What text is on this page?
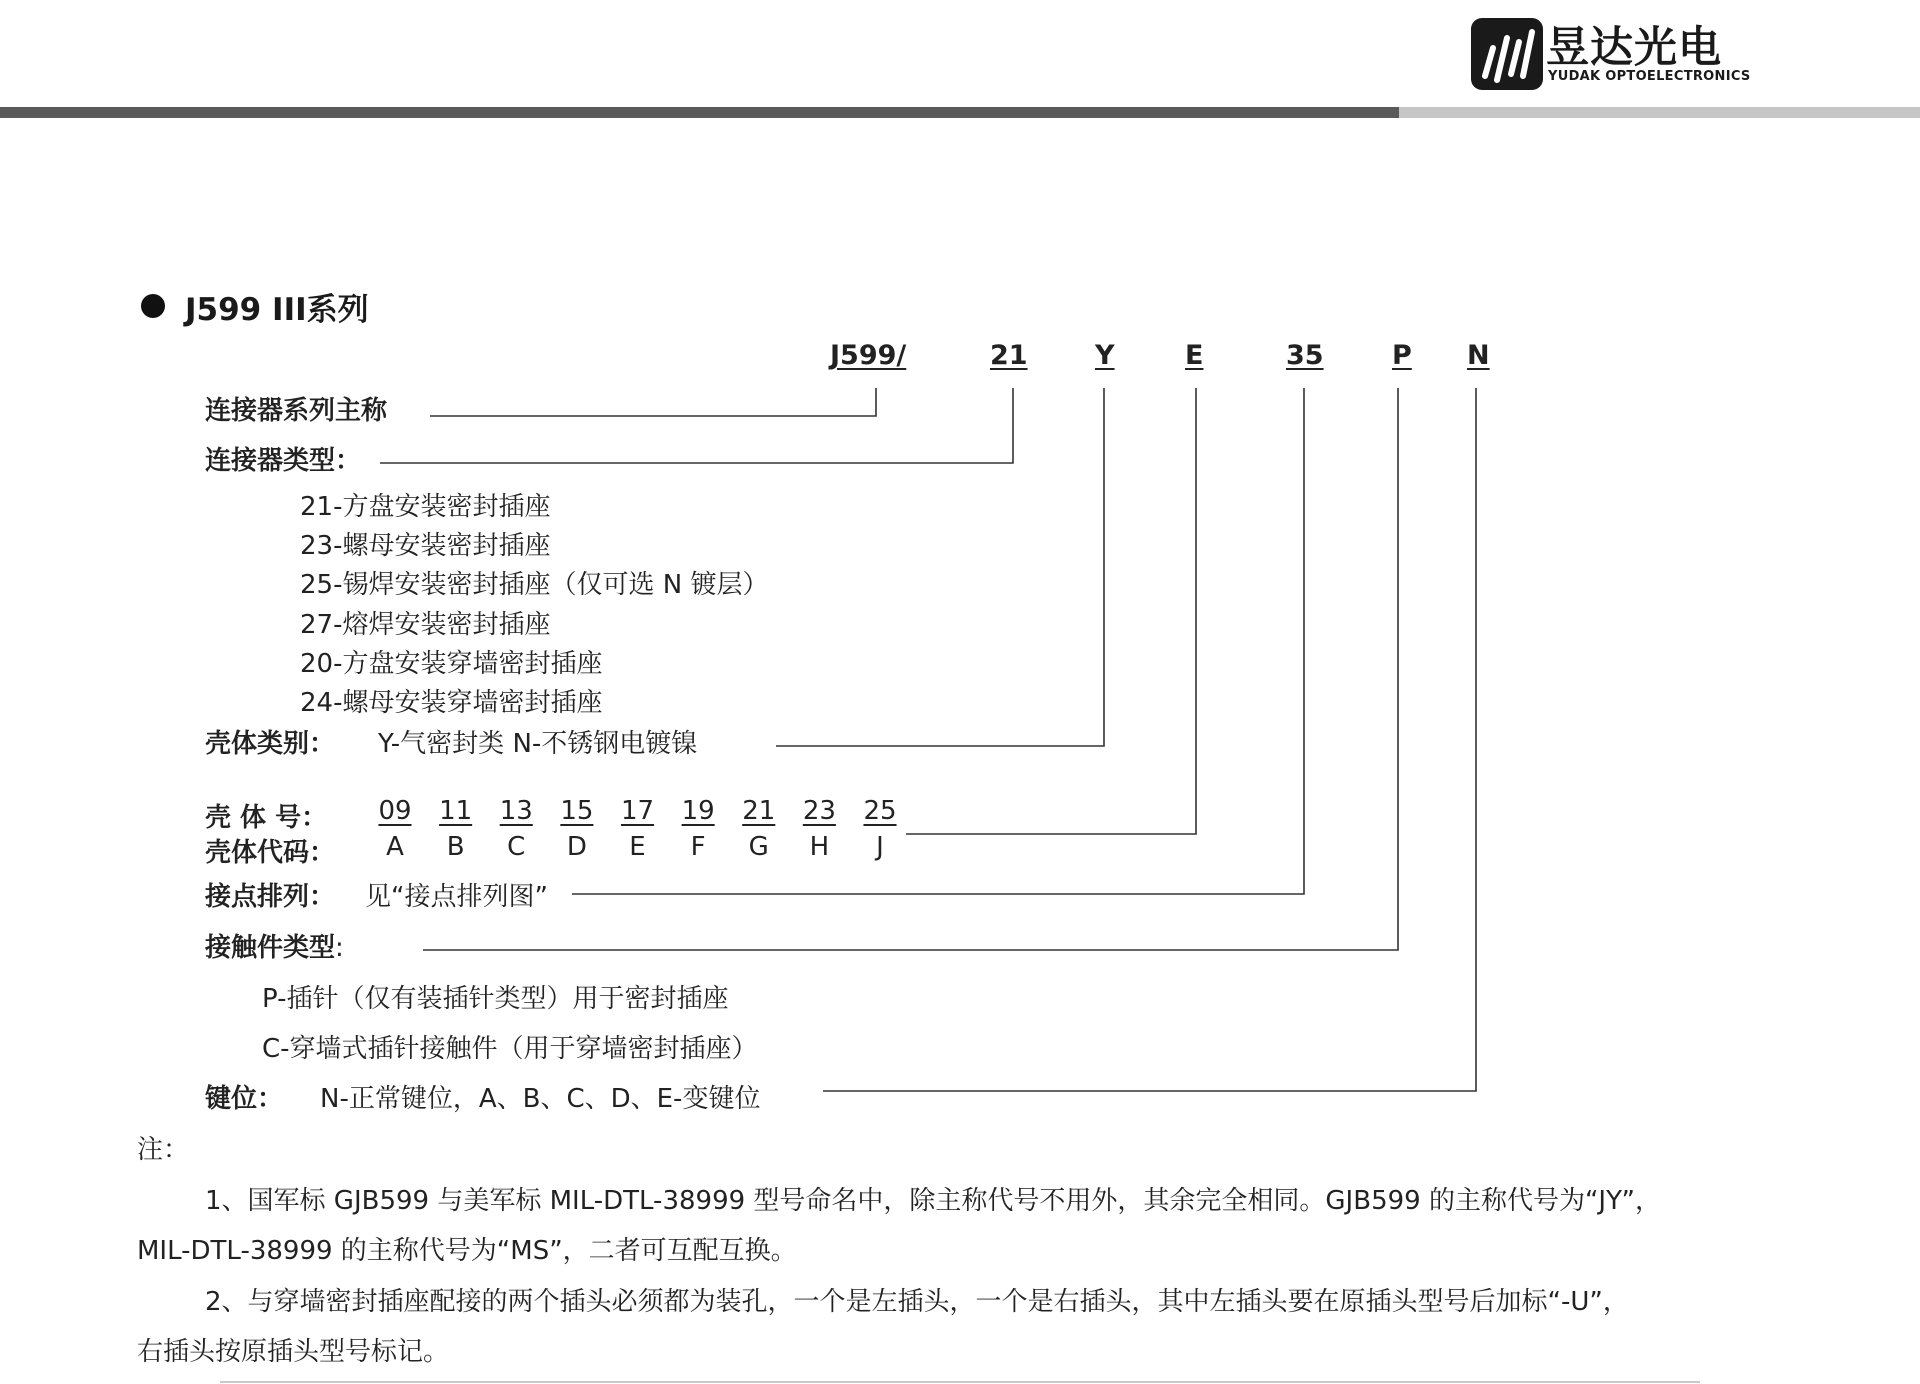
昱达光电
YUDAK OPTOELECTRONICS
J599 III系列
J599/	21 Y	E	35	P N
连接器系列主称
连接器类型：
21-方盘安装密封插座
23-螺母安装密封插座
25-锡焊安装密封插座（仅可选 N 镀层）
27-熔焊安装密封插座
20-方盘安装穿墙密封插座
24-螺母安装穿墙密封插座
壳体类别： Y-气密封类 N-不锈钢电镀镍
壳 体 号： 09 11 13 15 17 19 21 23 25
壳体代码：	A	B	C	D	E	F	G	H	J
接点排列： 见“接点排列图”
接触件类型:
P-插针（仅有装插针类型）用于密封插座
C-穿墙式插针接触件（用于穿墙密封插座）
键位： N-正常键位，A、B、C、D、E-变键位
注：
1、国军标 GJB599 与美军标 MIL-DTL-38999 型号命名中，除主称代号不用外，其余完全相同。GJB599 的主称代号为“JY”，
MIL-DTL-38999 的主称代号为“MS”，二者可互配互换。
2、与穿墙密封插座配接的两个插头必须都为装孔，一个是左插头，一个是右插头，其中左插头要在原插头型号后加标“-U”，
右插头按原插头型号标记。
